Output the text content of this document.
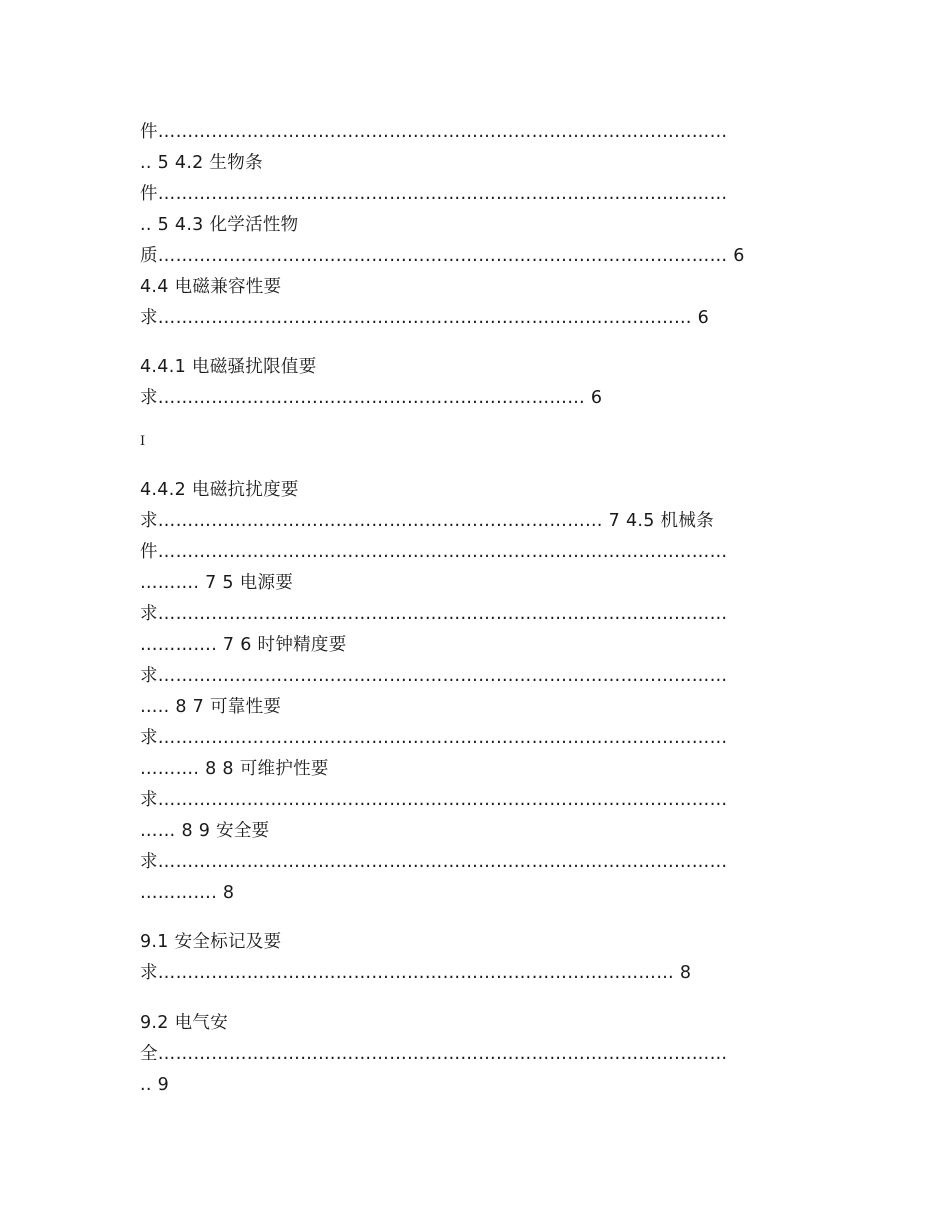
件……………………………………………………………………………………
.. 5 4.2 生物条
件……………………………………………………………………………………
.. 5 4.3 化学活性物
质…………………………………………………………………………………… 6
4.4 电磁兼容性要
求……………………………………………………………………………… 6
4.4.1 电磁骚扰限值要
求……………………………………………………………… 6
I
4.4.2 电磁抗扰度要
求………………………………………………………………… 7 4.5 机械条
件……………………………………………………………………………………
………. 7 5 电源要
求……………………………………………………………………………………
…………. 7 6 时钟精度要
求……………………………………………………………………………………
….. 8 7 可靠性要
求……………………………………………………………………………………
………. 8 8 可维护性要
求……………………………………………………………………………………
…… 8 9 安全要
求……………………………………………………………………………………
…………. 8
9.1 安全标记及要
求…………………………………………………………………………… 8
9.2 电气安
全……………………………………………………………………………………
.. 9
